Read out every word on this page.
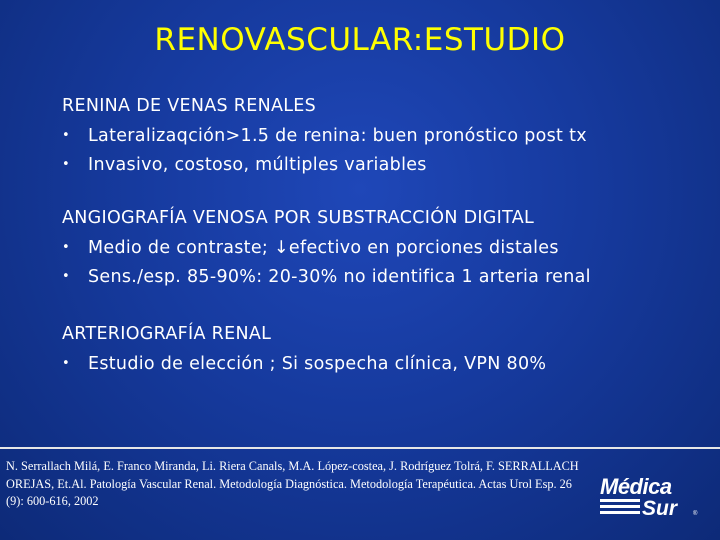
RENOVASCULAR:ESTUDIO
RENINA DE VENAS RENALES
• Lateralizaqción>1.5 de renina: buen pronóstico post tx
• Invasivo, costoso, múltiples variables
ANGIOGRAFÍA VENOSA POR SUBSTRACCIÓN DIGITAL
• Medio de contraste; ↓efectivo en porciones distales
• Sens./esp. 85-90%: 20-30% no identifica 1 arteria renal
ARTERIOGRAFÍA RENAL
• Estudio de elección ; Si sospecha clínica, VPN 80%
N. Serrallach Milá, E. Franco Miranda, Li. Riera Canals, M.A. López-costea, J. Rodríguez Tolrá, F. SERRALLACH OREJAS, Et.Al. Patología Vascular Renal. Metodología Diagnóstica. Metodología Terapéutica. Actas Urol Esp. 26 (9): 600-616, 2002
Médica
Sur	®
